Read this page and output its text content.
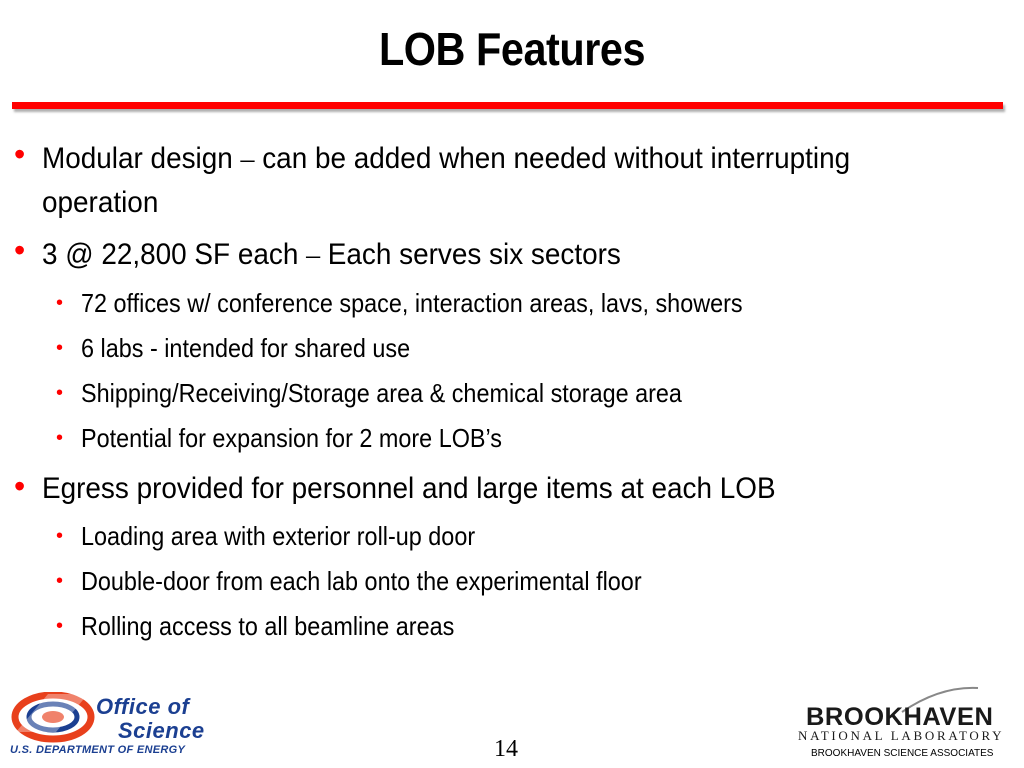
LOB Features
• Modular design – can be added when needed without interrupting
operation
• 3 @ 22,800 SF each – Each serves six sectors
• 72 offices w/ conference space, interaction areas, lavs, showers
• 6 labs - intended for shared use
• Shipping/Receiving/Storage area & chemical storage area
• Potential for expansion for 2 more LOB’s
• Egress provided for personnel and large items at each LOB
• Loading area with exterior roll-up door
• Double-door from each lab onto the experimental floor
• Rolling access to all beamline areas
Office of
Science
U.S. DEPARTMENT OF ENERGY	14
BROOKHAVEN
NATIONAL LABORATORY
BROOKHAVEN SCIENCE ASSOCIATES
